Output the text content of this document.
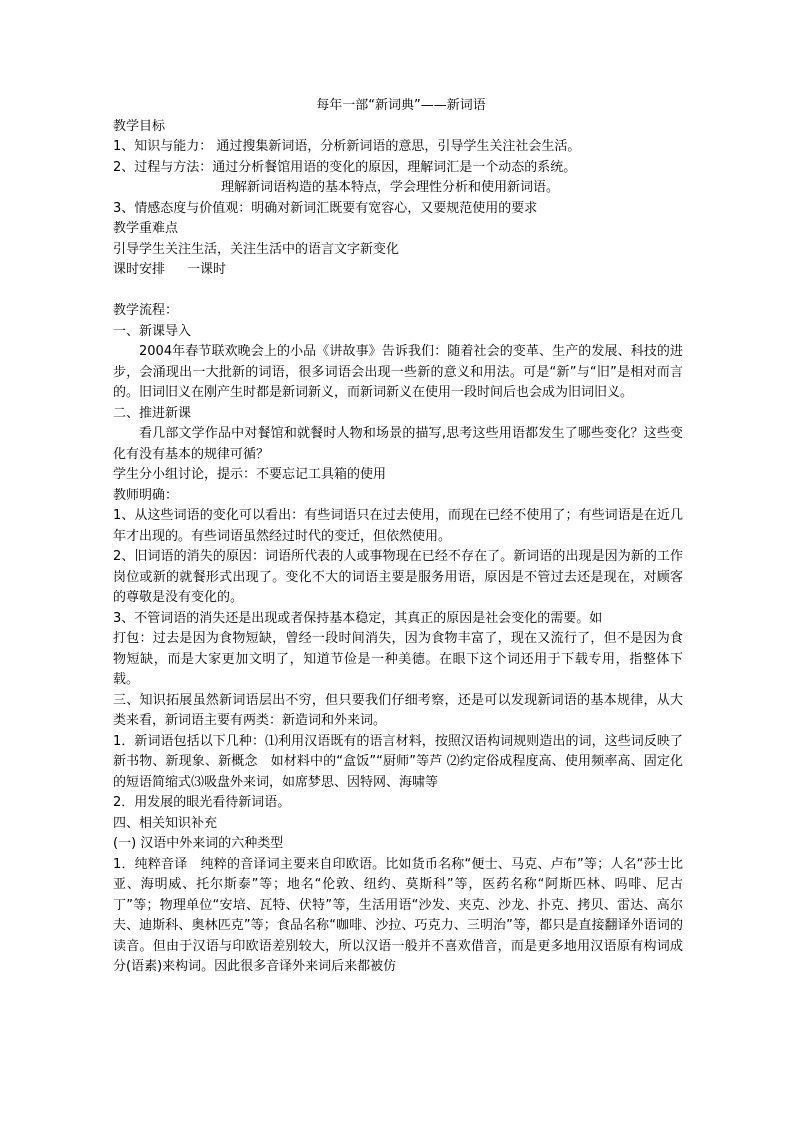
每年一部“新词典”——新词语

教学目标

1、知识与能力： 通过搜集新词语，分析新词语的意思，引导学生关注社会生活。

2、过程与方法：通过分析餐馆用语的变化的原因，理解词汇是一个动态的系统。

理解新词语构造的基本特点，学会理性分析和使用新词语。

3、情感态度与价值观：明确对新词汇既要有宽容心，又要规范使用的要求

教学重难点

引导学生关注生活，关注生活中的语言文字新变化

课时安排 一课时

教学流程：

一、新课导入

2004年春节联欢晚会上的小品《讲故事》告诉我们：随着社会的变革、生产的发展、科技的进步，会涌现出一大批新的词语，很多词语会出现一些新的意义和用法。可是“新”与“旧”是相对而言的。旧词旧义在刚产生时都是新词新义，而新词新义在使用一段时间后也会成为旧词旧义。

二、推进新课

看几部文学作品中对餐馆和就餐时人物和场景的描写,思考这些用语都发生了哪些变化？这些变化有没有基本的规律可循？

学生分小组讨论，提示：不要忘记工具箱的使用

教师明确：

1、从这些词语的变化可以看出：有些词语只在过去使用，而现在已经不使用了；有些词语是在近几年才出现的。有些词语虽然经过时代的变迁，但依然使用。

2、旧词语的消失的原因：词语所代表的人或事物现在已经不存在了。新词语的出现是因为新的工作岗位或新的就餐形式出现了。变化不大的词语主要是服务用语，原因是不管过去还是现在，对顾客的尊敬是没有变化的。

3、不管词语的消失还是出现或者保持基本稳定，其真正的原因是社会变化的需要。如

打包：过去是因为食物短缺，曾经一段时间消失，因为食物丰富了，现在又流行了，但不是因为食物短缺，而是大家更加文明了，知道节俭是一种美德。在眼下这个词还用于下载专用，指整体下载。

三、知识拓展虽然新词语层出不穷，但只要我们仔细考察，还是可以发现新词语的基本规律，从大类来看，新词语主要有两类：新造词和外来词。

1．新词语包括以下几种：⑴利用汉语既有的语言材料，按照汉语构词规则造出的词，这些词反映了新书物、新现象、新概念　如材料中的“盒饭”“厨师”等芦 ⑵约定俗成程度高、使用频率高、固定化的短语简缩式⑶吸盘外来词，如席梦思、因特网、海啸等

2．用发展的眼光看待新词语。

四、相关知识补充

(一) 汉语中外来词的六种类型

1．纯粹音译　纯粹的音译词主要来自印欧语。比如货币名称“便士、马克、卢布”等；人名“莎士比亚、海明威、托尔斯泰”等；地名“伦敦、纽约、莫斯科”等，医药名称“阿斯匹林、吗啡、尼古丁”等；物理单位“安培、瓦特、伏特”等，生活用语“沙发、夹克、沙龙、扑克、拷贝、雷达、高尔夫、迪斯科、奥林匹克”等；食品名称“咖啡、沙拉、巧克力、三明治”等，都只是直接翻译外语词的读音。但由于汉语与印欧语差别较大，所以汉语一般并不喜欢借音，而是更多地用汉语原有构词成分(语素)来构词。因此很多音译外来词后来都被仿
